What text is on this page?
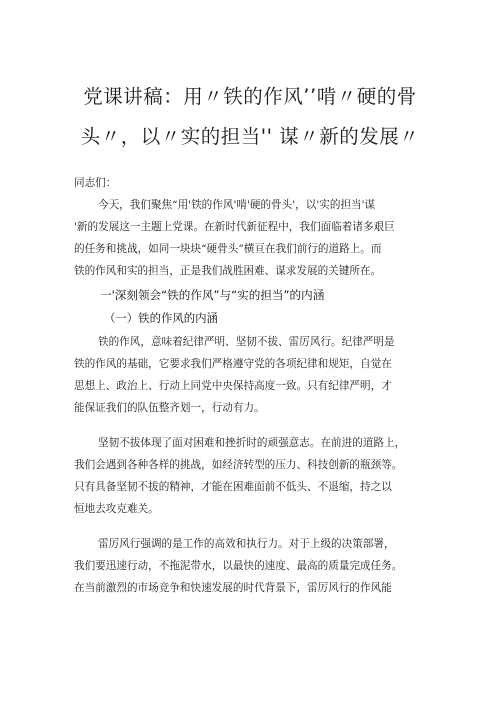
党课讲稿：用〃铁的作风’’啃〃硬的骨
头〃，以〃实的担当'' 谋〃新的发展〃
同志们：
今天，我们聚焦“用'铁的作风'啃'硬的骨头'，以'实的担当'谋
'新的发展这一主题上党课。在新时代新征程中，我们面临着诸多艰巨
的任务和挑战，如同一块块“硬骨头”横亘在我们前行的道路上。而
铁的作风和实的担当，正是我们战胜困难、谋求发展的关键所在。
一'深刻领会“铁的作风”与“实的担当”的内涵
（一）铁的作风的内涵
铁的作风，意味着纪律严明、坚韧不拔、雷厉风行。纪律严明是
铁的作风的基础，它要求我们严格遵守党的各项纪律和规矩，自觉在
思想上、政治上、行动上同党中央保持高度一致。只有纪律严明，才
能保证我们的队伍整齐划一，行动有力。
坚韧不拔体现了面对困难和挫折时的顽强意志。在前进的道路上，
我们会遇到各种各样的挑战，如经济转型的压力、科技创新的瓶颈等。
只有具备坚韧不拔的精神，才能在困难面前不低头、不退缩，持之以
恒地去攻克难关。
雷厉风行强调的是工作的高效和执行力。对于上级的决策部署，
我们要迅速行动，不拖泥带水，以最快的速度、最高的质量完成任务。
在当前激烈的市场竞争和快速发展的时代背景下，雷厉风行的作风能
